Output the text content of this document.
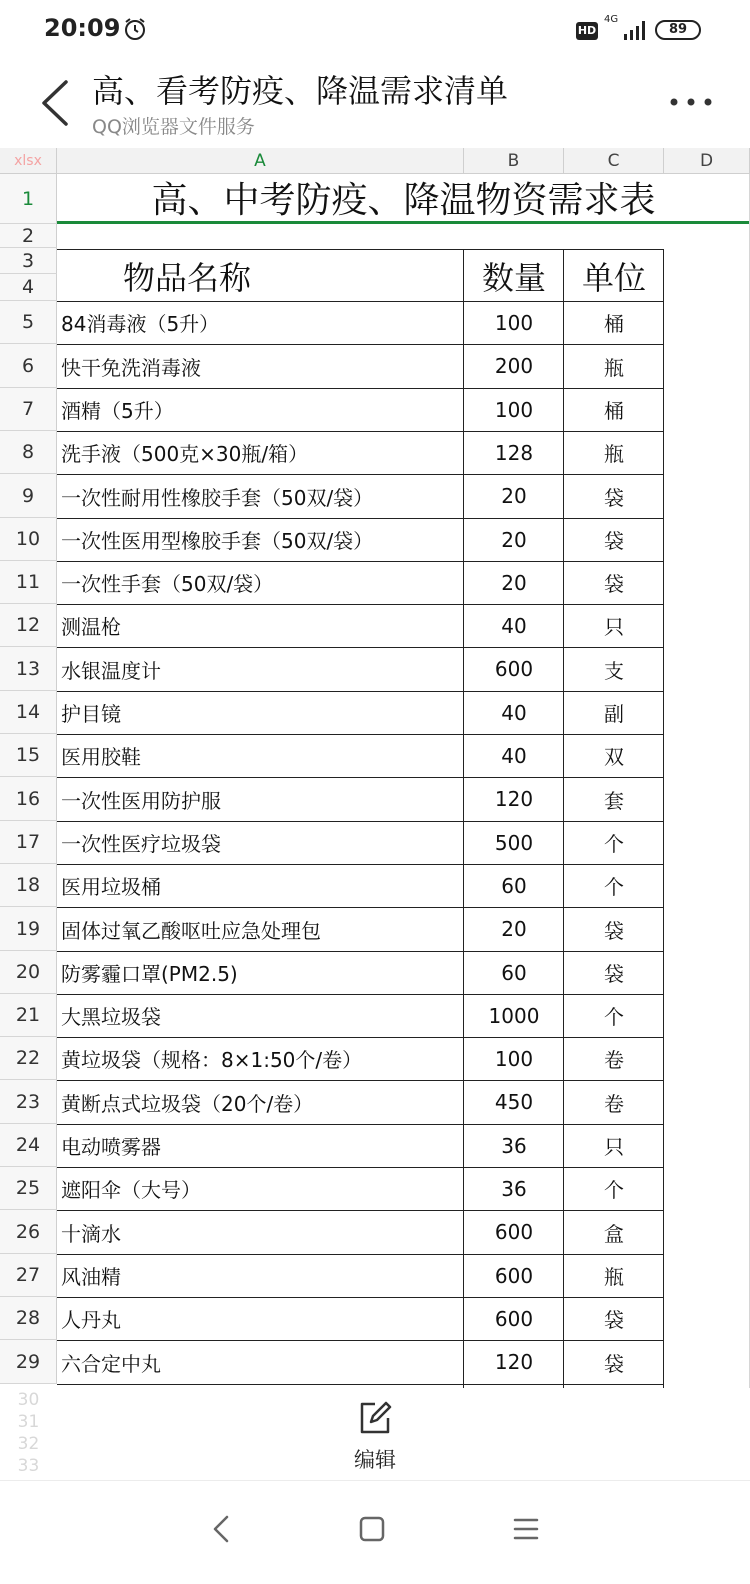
20:09	HD
4G
89
高、看考防疫、降温需求清单
QQ浏览器文件服务
xlsx	A	B	C	D
1
2
3
4
高、中考防疫、降温物资需求表
物品名称	数量	单位
5	84消毒液（5升）	100	桶
6	快干免洗消毒液	200	瓶
7	酒精（5升）	100	桶
8	洗手液（500克×30瓶/箱）	128	瓶
9	一次性耐用性橡胶手套（50双/袋）	20	袋
10	一次性医用型橡胶手套（50双/袋）	20	袋
11	一次性手套（50双/袋）	20	袋
12	测温枪	40	只
13	水银温度计	600	支
14	护目镜	40	副
15	医用胶鞋	40	双
16	一次性医用防护服	120	套
17	一次性医疗垃圾袋	500	个
18	医用垃圾桶	60	个
19	固体过氧乙酸呕吐应急处理包	20	袋
20	防雾霾口罩(PM2.5)	60	袋
21	大黑垃圾袋	1000	个
22	黄垃圾袋（规格：8×1:50个/卷）	100	卷
23	黄断点式垃圾袋（20个/卷）	450	卷
24	电动喷雾器	36	只
25	遮阳伞（大号）	36	个
26	十滴水	600	盒
27	风油精	600	瓶
28	人丹丸	600	袋
29	六合定中丸	120	袋
30
31
32
33	编辑
